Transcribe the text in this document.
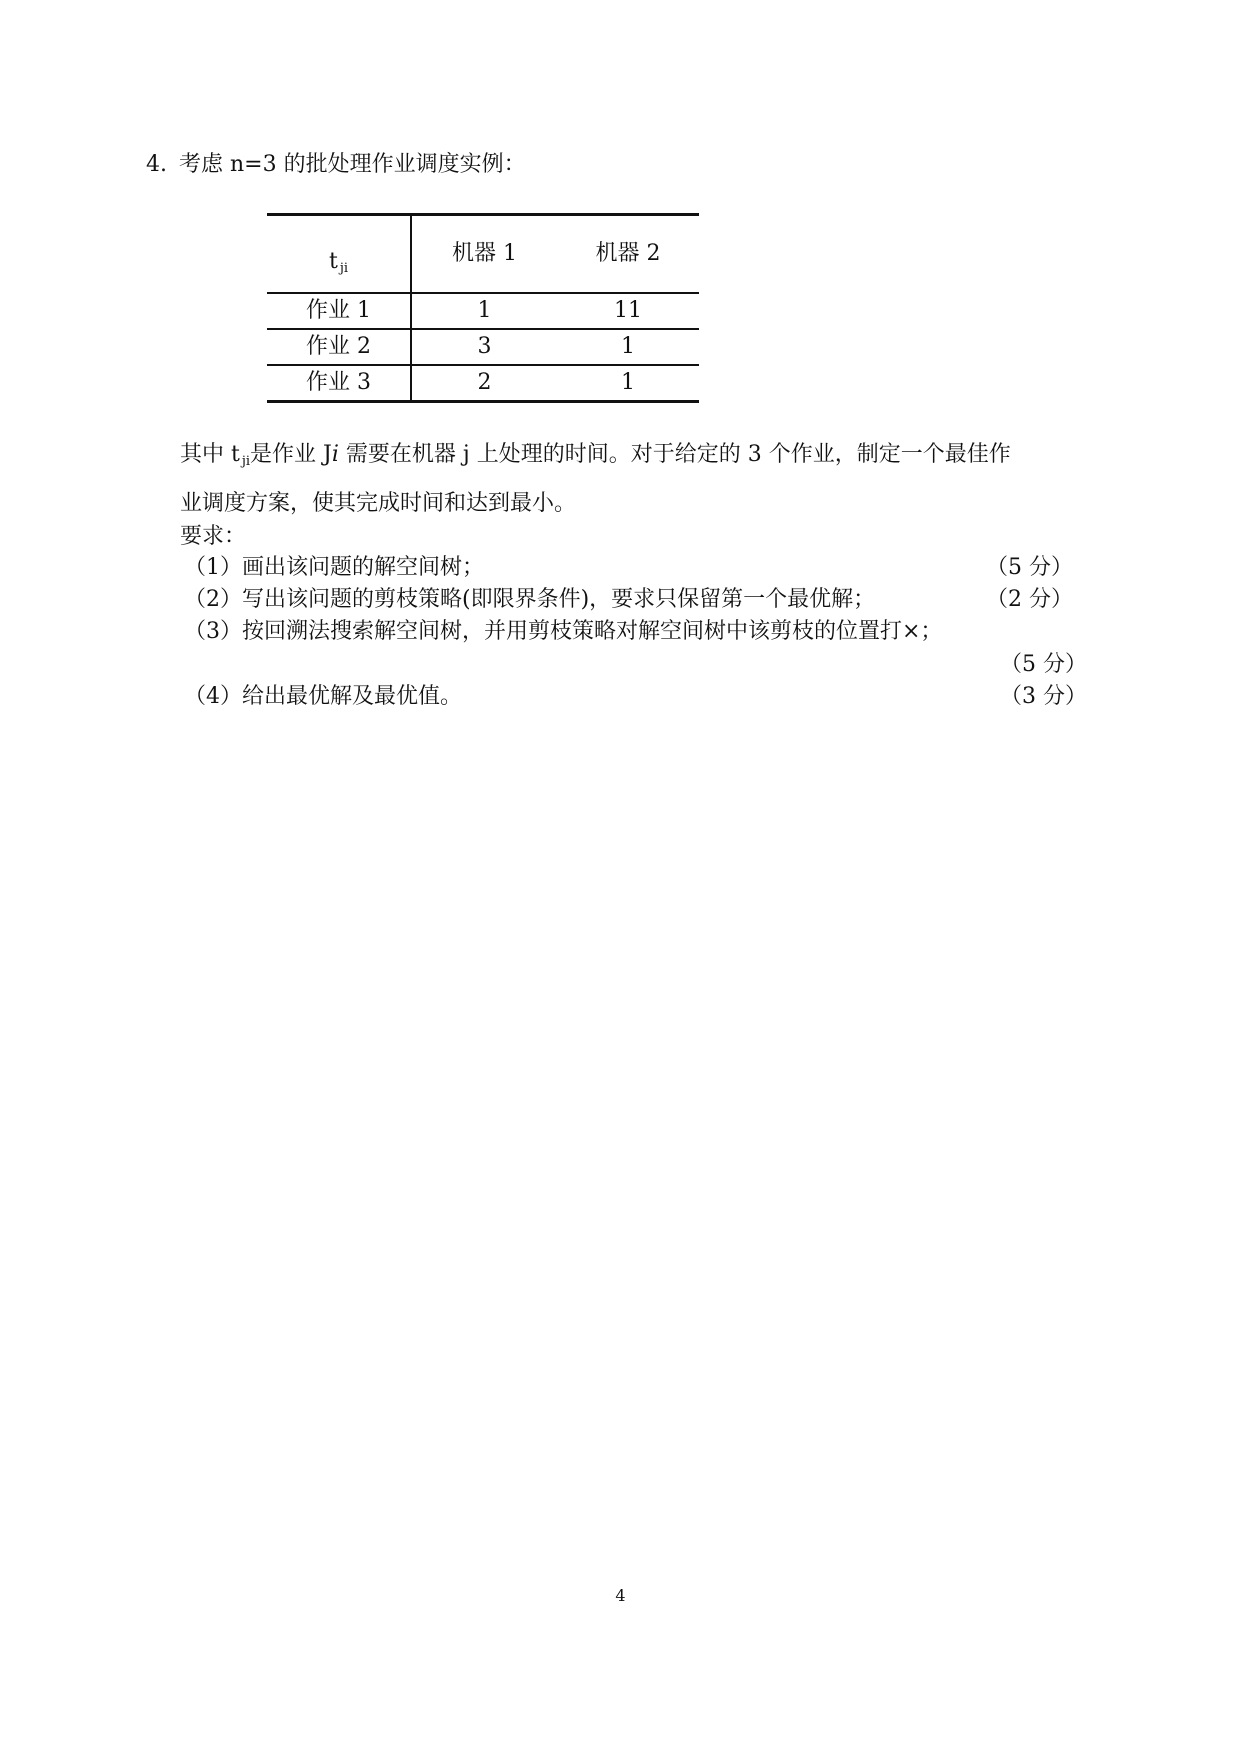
4. 考虑 n=3 的批处理作业调度实例：
$t_{ji}$	机器 1	机器 2
作业 1	1	11
作业 2	3	1
作业 3	2	1
其中 $t_{ji}$是作业 Ji 需要在机器 j 上处理的时间。对于给定的 3 个作业，制定一个最佳作
业调度方案，使其完成时间和达到最小。
要求：
（1）画出该问题的解空间树；	（5 分）
（2）写出该问题的剪枝策略(即限界条件)，要求只保留第一个最优解；	（2 分）
（3）按回溯法搜索解空间树，并用剪枝策略对解空间树中该剪枝的位置打×；
（5 分）
（4）给出最优解及最优值。	（3 分）
4
